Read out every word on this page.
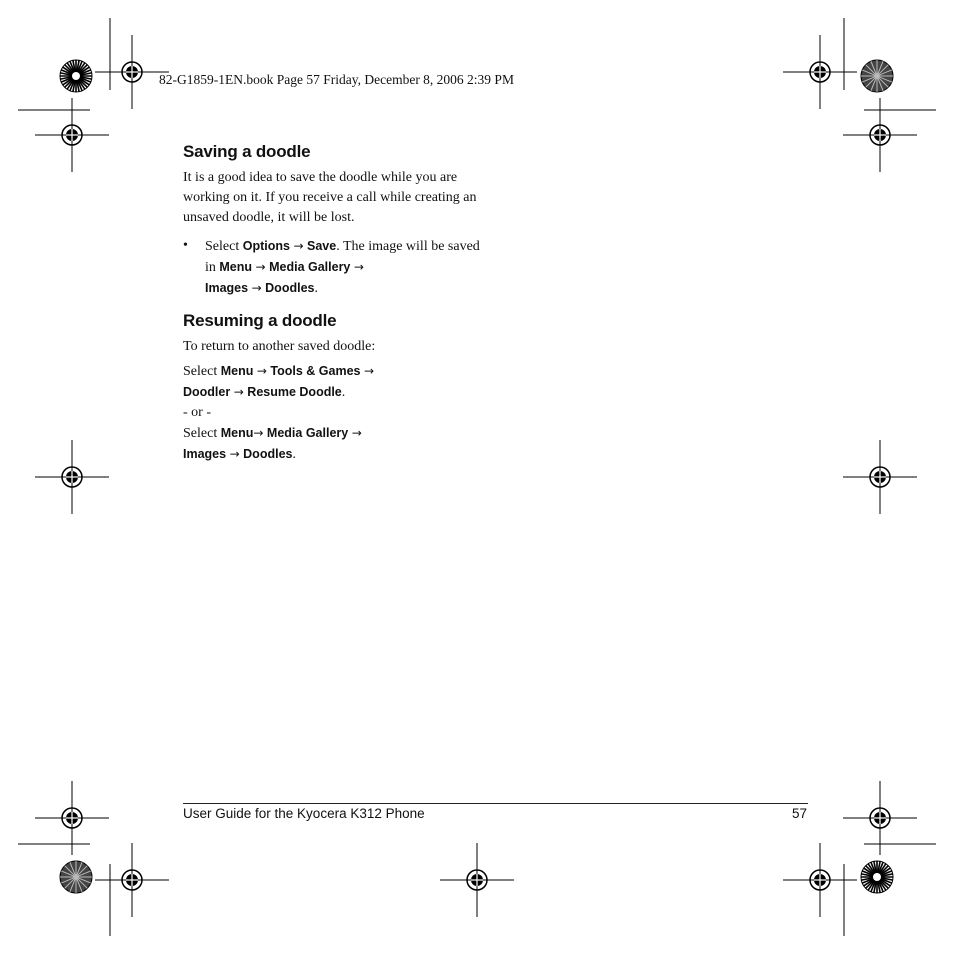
82-G1859-1EN.book Page 57 Friday, December 8, 2006 2:39 PM
Saving a doodle

It is a good idea to save the doodle while you are working on it. If you receive a call while creating an unsaved doodle, it will be lost.

• Select Options → Save. The image will be saved in Menu → Media Gallery →
Images → Doodles.
Resuming a doodle

To return to another saved doodle:

Select Menu → Tools & Games →
Doodler → Resume Doodle.
- or -
Select Menu→ Media Gallery →
Images → Doodles.
User Guide for the Kyocera K312 Phone	57
